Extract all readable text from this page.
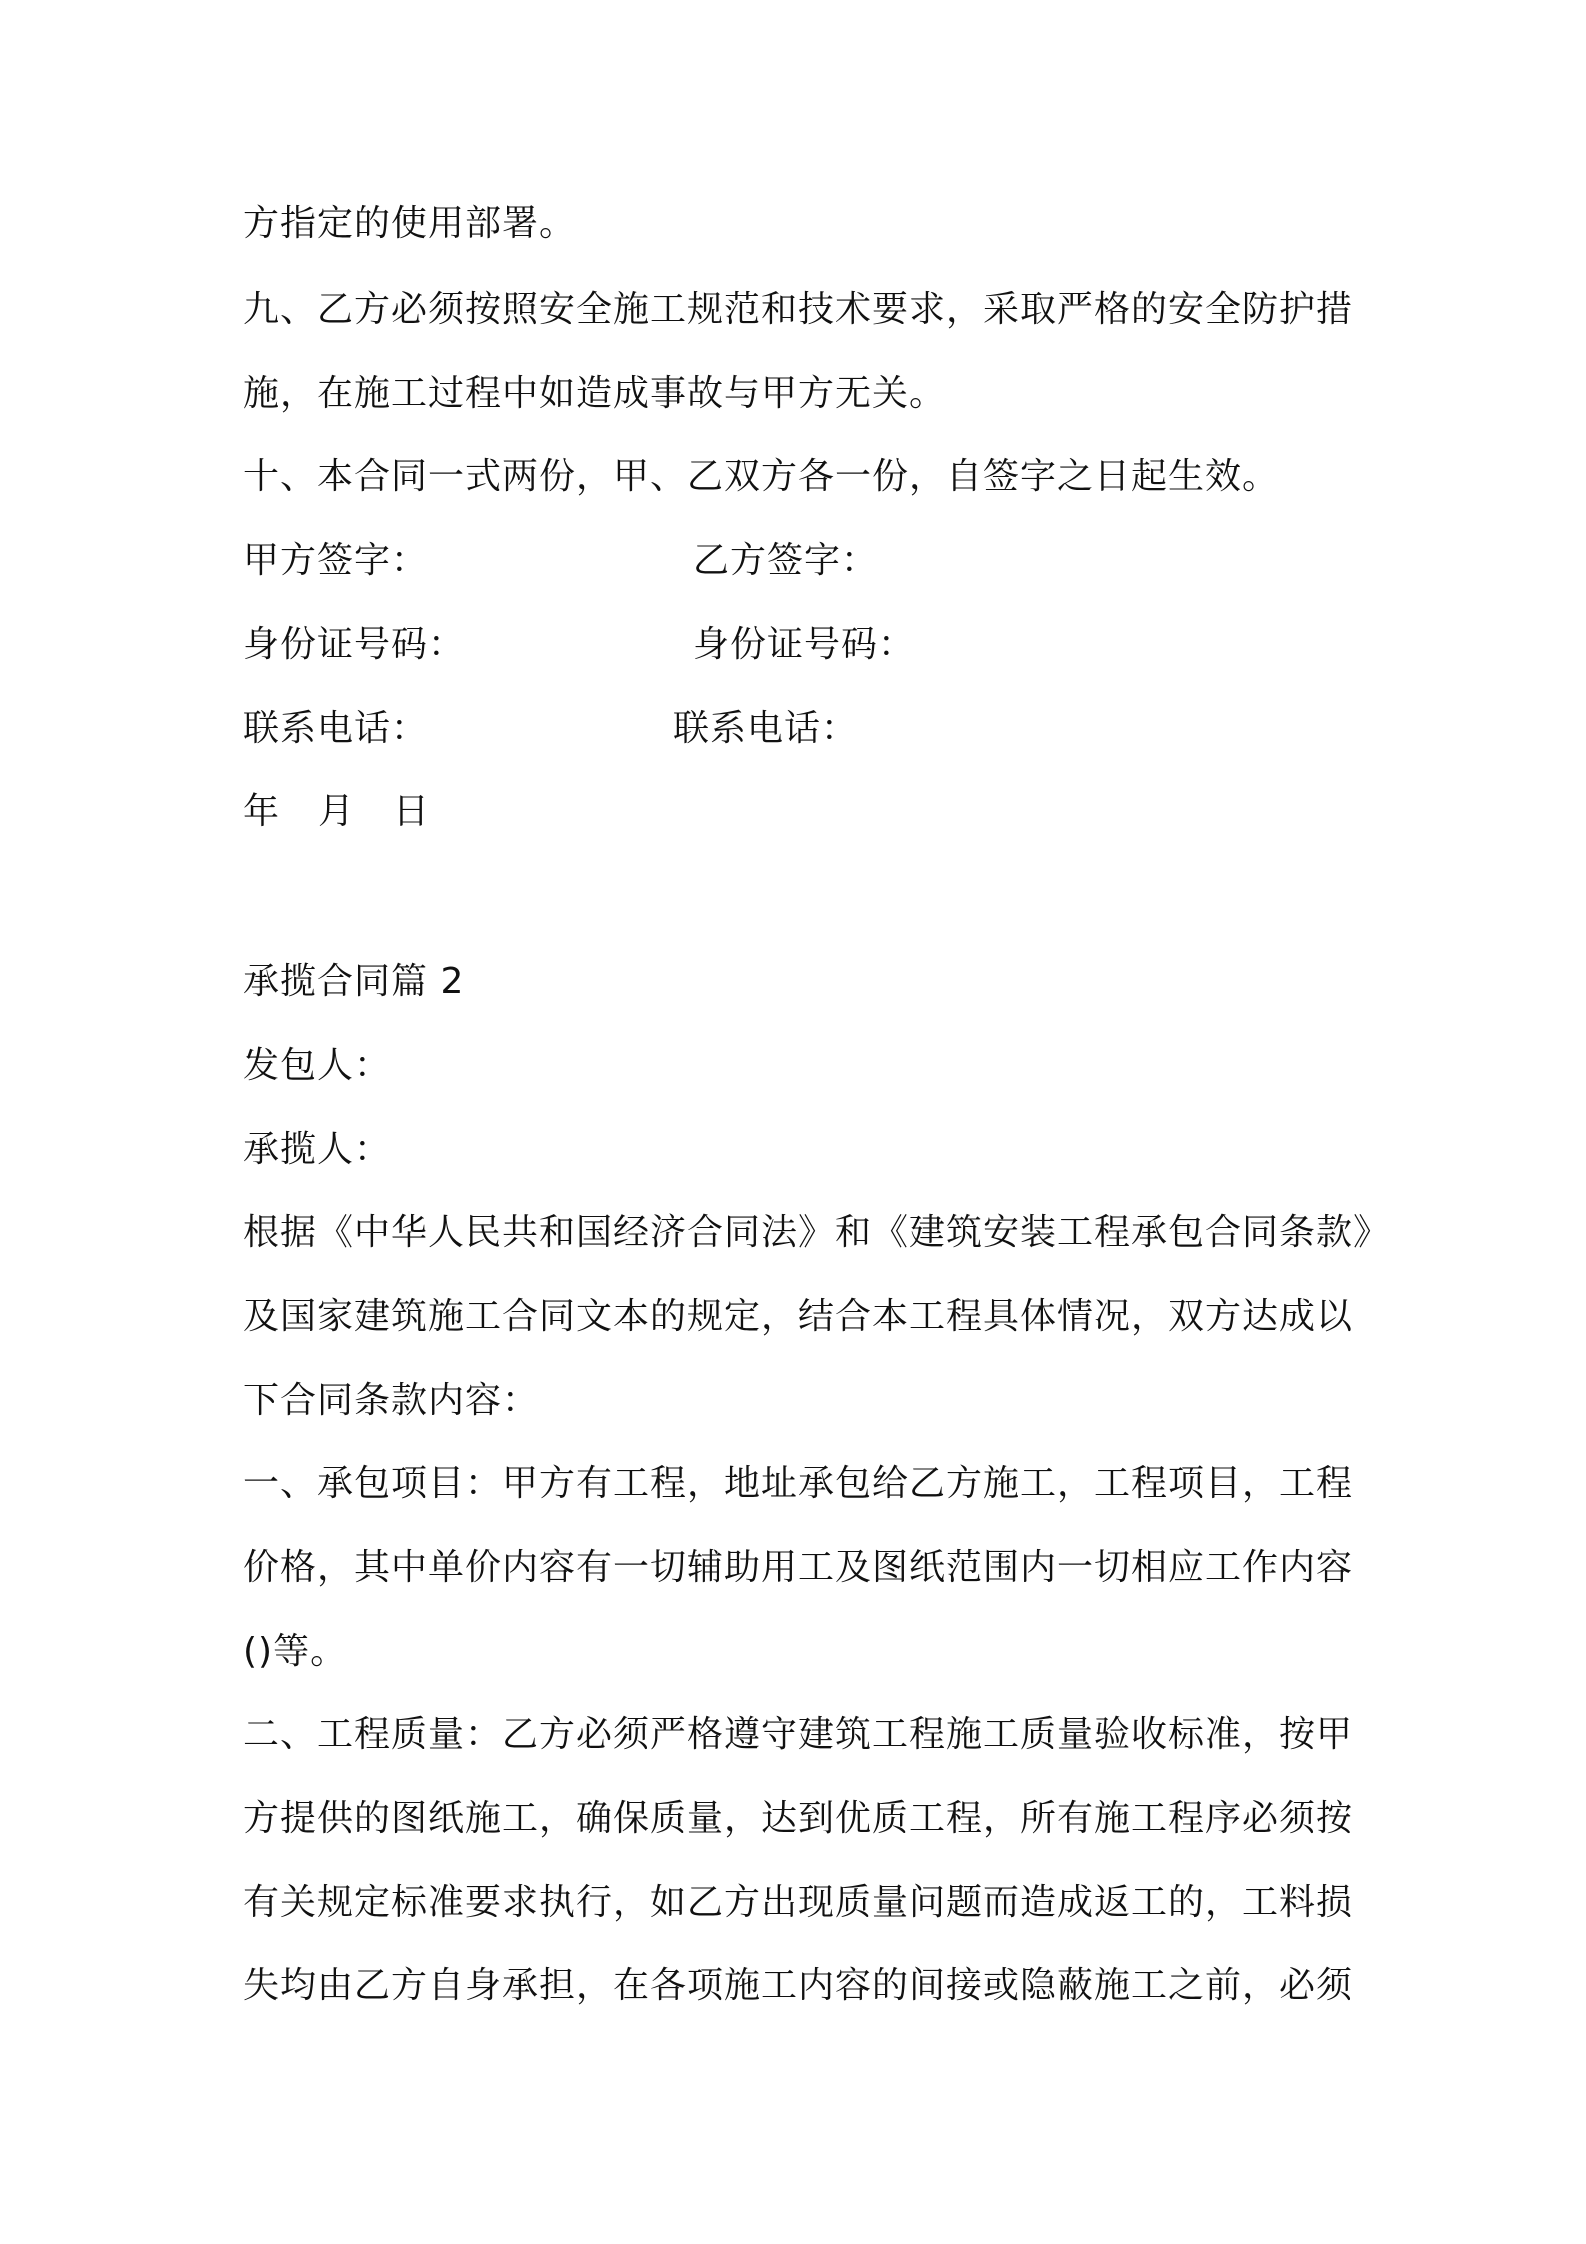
方指定的使用部署。
九、乙方必须按照安全施工规范和技术要求，采取严格的安全防护措
施，在施工过程中如造成事故与甲方无关。
十、本合同一式两份，甲、乙双方各一份，自签字之日起生效。
甲方签字：	乙方签字：
身份证号码：	身份证号码：
联系电话：	联系电话：
年 月 日
承揽合同篇 2
发包人：
承揽人：
根据《中华人民共和国经济合同法》和《建筑安装工程承包合同条款》
及国家建筑施工合同文本的规定，结合本工程具体情况，双方达成以
下合同条款内容：
一、承包项目：甲方有工程，地址承包给乙方施工，工程项目，工程
价格，其中单价内容有一切辅助用工及图纸范围内一切相应工作内容
()等。
二、工程质量：乙方必须严格遵守建筑工程施工质量验收标准，按甲
方提供的图纸施工，确保质量，达到优质工程，所有施工程序必须按
有关规定标准要求执行，如乙方出现质量问题而造成返工的，工料损
失均由乙方自身承担，在各项施工内容的间接或隐蔽施工之前，必须
